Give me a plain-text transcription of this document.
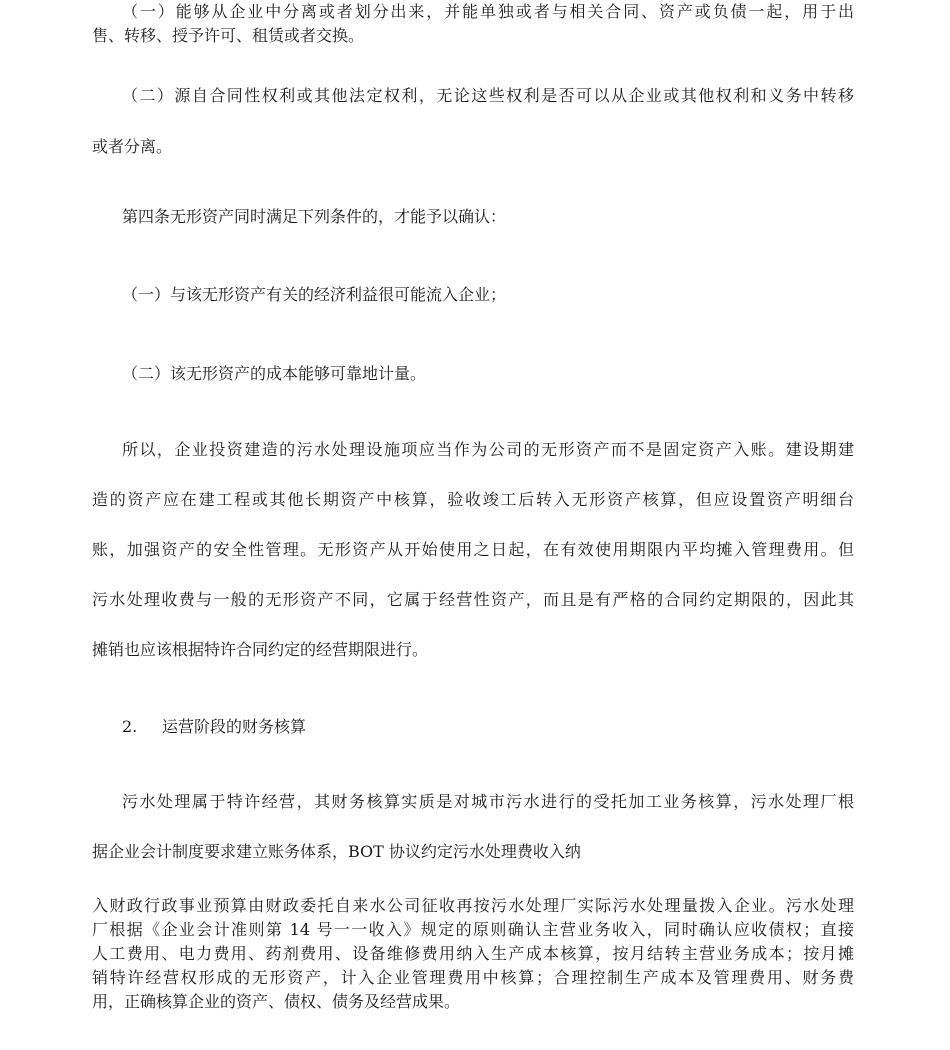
（一）能够从企业中分离或者划分出来，并能单独或者与相关合同、资产或负债一起，用于出
售、转移、授予许可、租赁或者交换。
（二）源自合同性权利或其他法定权利，无论这些权利是否可以从企业或其他权利和义务中转移
或者分离。
第四条无形资产同时满足下列条件的，才能予以确认：
（一）与该无形资产有关的经济利益很可能流入企业；
（二）该无形资产的成本能够可靠地计量。
所以，企业投资建造的污水处理设施项应当作为公司的无形资产而不是固定资产入账。建设期建
造的资产应在建工程或其他长期资产中核算，验收竣工后转入无形资产核算，但应设置资产明细台
账，加强资产的安全性管理。无形资产从开始使用之日起，在有效使用期限内平均摊入管理费用。但
污水处理收费与一般的无形资产不同，它属于经营性资产，而且是有严格的合同约定期限的，因此其
摊销也应该根据特许合同约定的经营期限进行。
2. 运营阶段的财务核算
污水处理属于特许经营，其财务核算实质是对城市污水进行的受托加工业务核算，污水处理厂根
据企业会计制度要求建立账务体系，BOT 协议约定污水处理费收入纳
入财政行政事业预算由财政委托自来水公司征收再按污水处理厂实际污水处理量拨入企业。污水处理
厂根据《企业会计准则第 14 号一一收入》规定的原则确认主营业务收入，同时确认应收债权；直接
人工费用、电力费用、药剂费用、设备维修费用纳入生产成本核算，按月结转主营业务成本；按月摊
销特许经营权形成的无形资产，计入企业管理费用中核算；合理控制生产成本及管理费用、财务费
用，正确核算企业的资产、债权、债务及经营成果。
